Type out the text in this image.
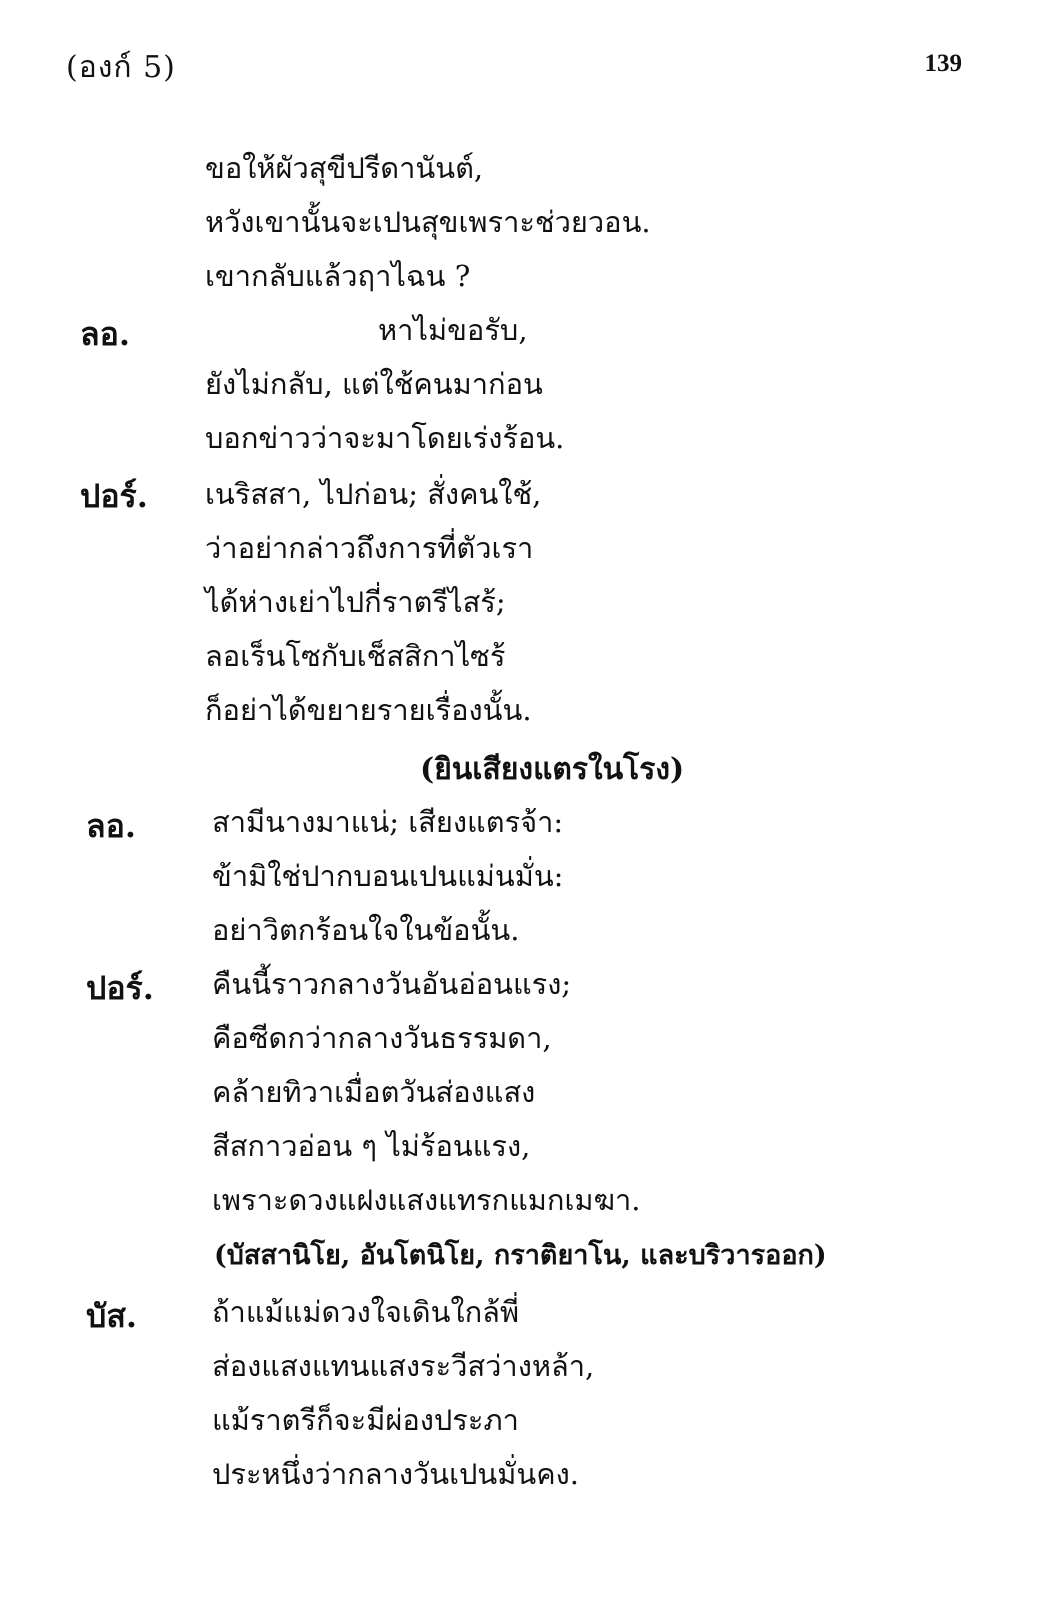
(องก์ 5)	139
ขอให้ผัวสุขีปรีดานันต์,
หวังเขานั้นจะเปนสุขเพราะช่วยวอน.
เขากลับแล้วฤาไฉน ?
ลอ.	หาไม่ขอรับ,
ยังไม่กลับ, แต่ใช้คนมาก่อน
บอกข่าวว่าจะมาโดยเร่งร้อน.
ปอร์. เนริสสา, ไปก่อน; สั่งคนใช้,
ว่าอย่ากล่าวถึงการที่ตัวเรา
ได้ห่างเย่าไปกี่ราตรีไสร้;
ลอเร็นโซกับเช็สสิกาไซร้
ก็อย่าได้ขยายรายเรื่องนั้น.
(ยินเสียงแตรในโรง)
ลอ.	สามีนางมาแน่; เสียงแตรจ้า:
ข้ามิใช่ปากบอนเปนแม่นมั่น:
อย่าวิตกร้อนใจในข้อนั้น.
ปอร์. คืนนี้ราวกลางวันอันอ่อนแรง;
คือซีดกว่ากลางวันธรรมดา,
คล้ายทิวาเมื่อตวันส่องแสง
สีสกาวอ่อน ๆ ไม่ร้อนแรง,
เพราะดวงแฝงแสงแทรกแมกเมฆา.
(บัสสานิโย, อันโตนิโย, กราติยาโน, และบริวารออก)
บัส.	ถ้าแม้แม่ดวงใจเดินใกล้พี่
ส่องแสงแทนแสงระวีสว่างหล้า,
แม้ราตรีก็จะมีผ่องประภา
ประหนึ่งว่ากลางวันเปนมั่นคง.
